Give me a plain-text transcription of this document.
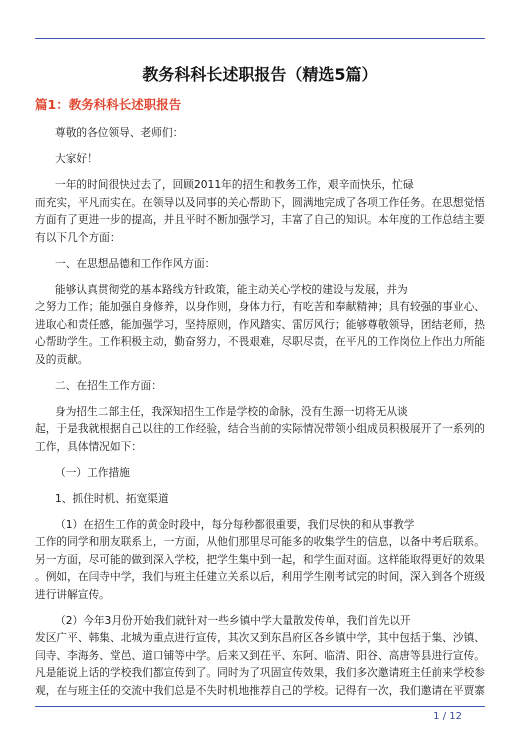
教务科科长述职报告（精选5篇）
篇1：教务科科长述职报告
尊敬的各位领导、老师们：
大家好！
一年的时间很快过去了，回顾2011年的招生和教务工作，艰辛而快乐，忙碌
而充实，平凡而实在。在领导以及同事的关心帮助下，圆满地完成了各项工作任务。在思想觉悟
方面有了更进一步的提高，并且平时不断加强学习，丰富了自己的知识。本年度的工作总结主要
有以下几个方面：
一、在思想品德和工作作风方面：
能够认真贯彻党的基本路线方针政策，能主动关心学校的建设与发展，并为
之努力工作；能加强自身修养，以身作则，身体力行，有吃苦和奉献精神；具有较强的事业心、
进取心和责任感，能加强学习，坚持原则，作风踏实、雷厉风行；能够尊敬领导，团结老师，热
心帮助学生。工作积极主动，勤奋努力，不畏艰难，尽职尽责，在平凡的工作岗位上作出力所能
及的贡献。
二、在招生工作方面：
身为招生二部主任，我深知招生工作是学校的命脉，没有生源一切将无从谈
起，于是我就根据自己以往的工作经验，结合当前的实际情况带领小组成员积极展开了一系列的
工作，具体情况如下：
（一）工作措施
1、抓住时机、拓宽渠道
（1）在招生工作的黄金时段中，每分每秒都很重要，我们尽快的和从事教学
工作的同学和朋友联系上，一方面，从他们那里尽可能多的收集学生的信息，以备中考后联系。
另一方面，尽可能的做到深入学校，把学生集中到一起，和学生面对面。这样能取得更好的效果
。例如，在闫寺中学，我们与班主任建立关系以后，利用学生刚考试完的时间，深入到各个班级
进行讲解宣传。
（2）今年3月份开始我们就针对一些乡镇中学大量散发传单，我们首先以开
发区广平、韩集、北城为重点进行宣传，其次又到东昌府区各乡镇中学，其中包括于集、沙镇、
闫寺、李海务、堂邑、道口铺等中学。后来又到茌平、东阿、临清、阳谷、高唐等县进行宣传。
凡是能说上话的学校我们都宣传到了。同时为了巩固宣传效果，我们多次邀请班主任前来学校参
观，在与班主任的交流中我们总是不失时机地推荐自己的学校。记得有一次，我们邀请在平贾寨
1 / 12
